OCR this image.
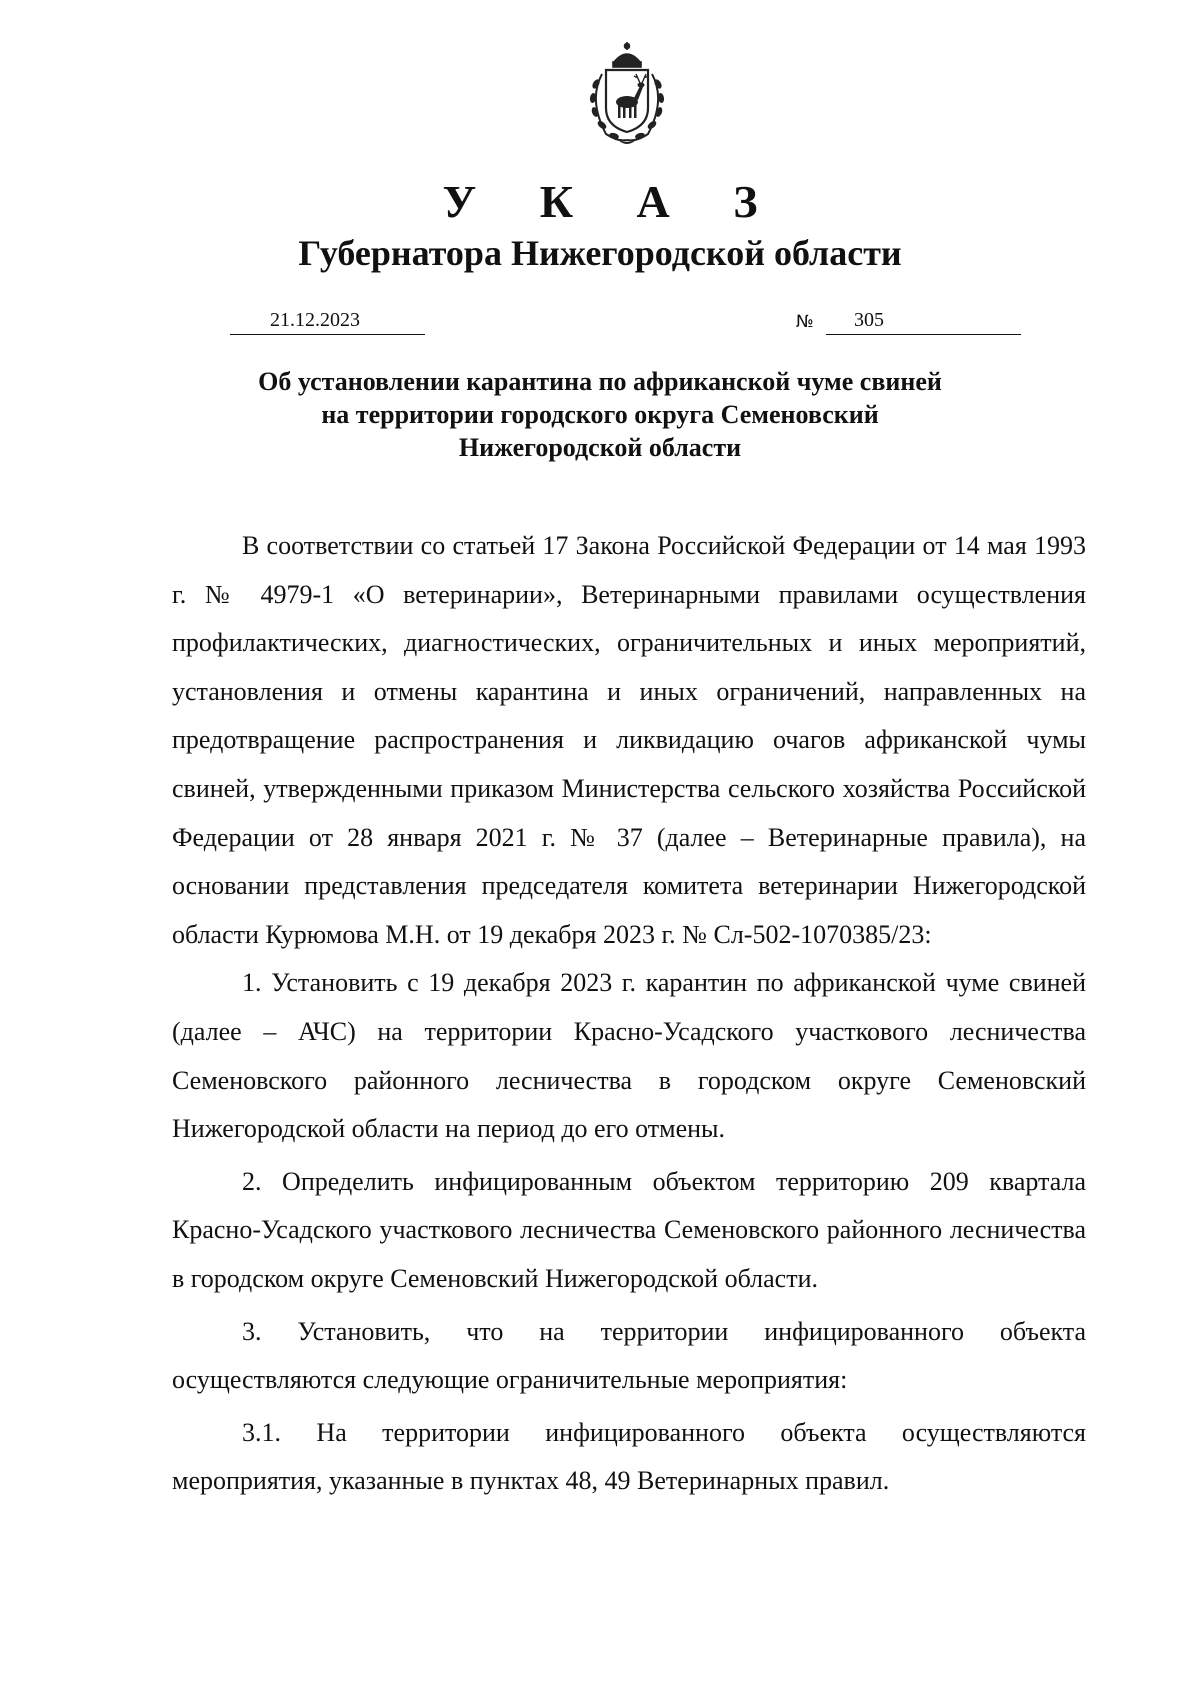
У К А З
Губернатора Нижегородской области
21.12.2023	№ 305
Об установлении карантина по африканской чуме свиней
на территории городского округа Семеновский
Нижегородской области

В соответствии со статьей 17 Закона Российской Федерации от 14 мая 1993 г. № 4979-1 «О ветеринарии», Ветеринарными правилами осуществления профилактических, диагностических, ограничительных и иных мероприятий, установления и отмены карантина и иных ограничений, направленных на предотвращение распространения и ликвидацию очагов африканской чумы свиней, утвержденными приказом Министерства сельского хозяйства Российской Федерации от 28 января 2021 г. № 37 (далее – Ветеринарные правила), на основании представления председателя комитета ветеринарии Нижегородской области Курюмова М.Н. от 19 декабря 2023 г. № Сл-502-1070385/23:

1. Установить с 19 декабря 2023 г. карантин по африканской чуме свиней (далее – АЧС) на территории Красно-Усадского участкового лесничества Семеновского районного лесничества в городском округе Семеновский Нижегородской области на период до его отмены.

2. Определить инфицированным объектом территорию 209 квартала Красно-Усадского участкового лесничества Семеновского районного лесничества в городском округе Семеновский Нижегородской области.

3. Установить, что на территории инфицированного объекта осуществляются следующие ограничительные мероприятия:

3.1. На территории инфицированного объекта осуществляются мероприятия, указанные в пунктах 48, 49 Ветеринарных правил.
